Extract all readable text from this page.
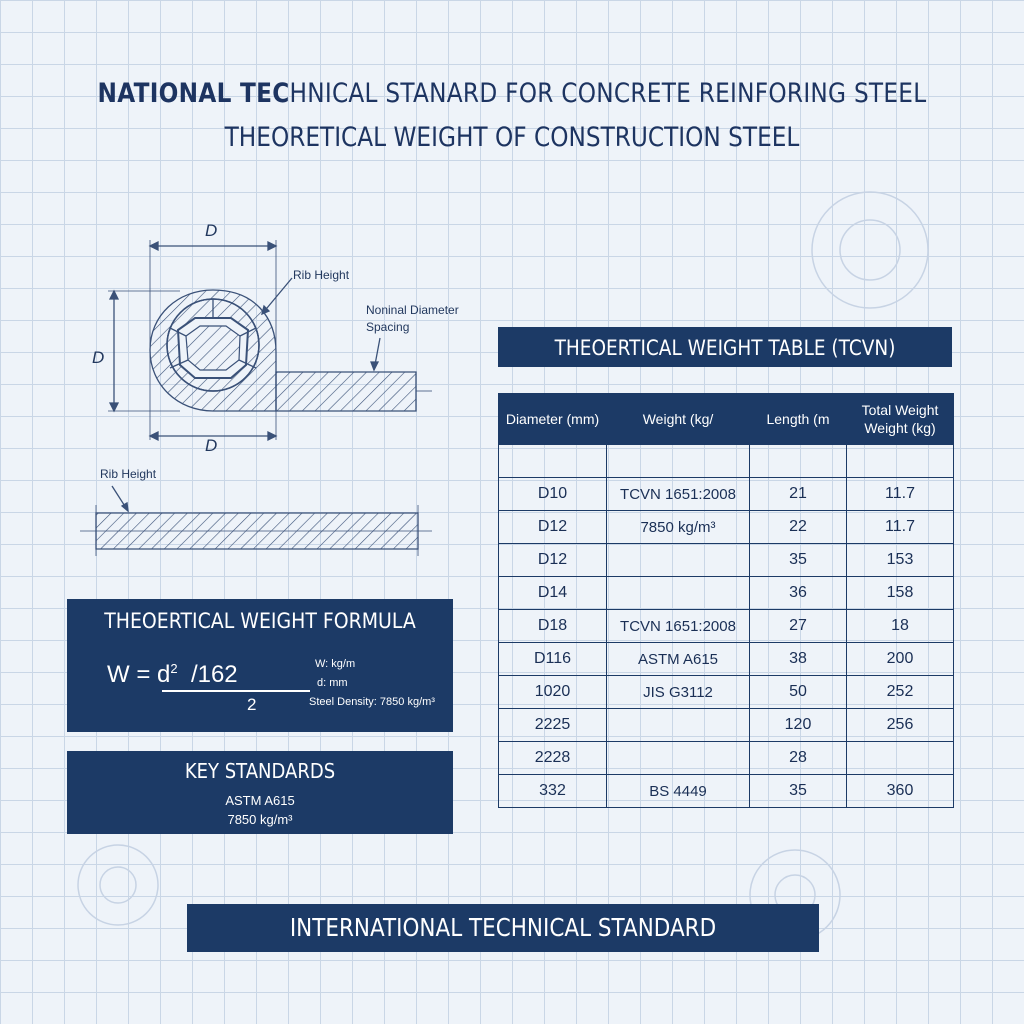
NATIONAL TECHNICAL STANARD FOR CONCRETE REINFORING STEEL
THEORETICAL WEIGHT OF CONSTRUCTION STEEL
D
D
D
Rib Height
Noninal Diameter
Spacing
Rib Height
THEOERTICAL WEIGHT FORMULA
$W = d^2$ /162
2
W: kg/m
d: mm
Steel Density: 7850 kg/m³
KEY STANDARDS
ASTM A615
7850 kg/m³
THEOERTICAL WEIGHT TABLE (TCVN)
Diameter (mm)	Weight (kg/	Length (m	Total Weight Weight (kg)

D10	TCVN 1651:2008	21	11.7
D12	7850 kg/m³	22	11.7
D12		35	153
D14		36	158
D18	TCVN 1651:2008	27	18
D116	ASTM A615	38	200
1020	JIS G3112	50	252
2225		120	256
2228		28	
332	BS 4449	35	360
INTERNATIONAL TECHNICAL STANDARD
